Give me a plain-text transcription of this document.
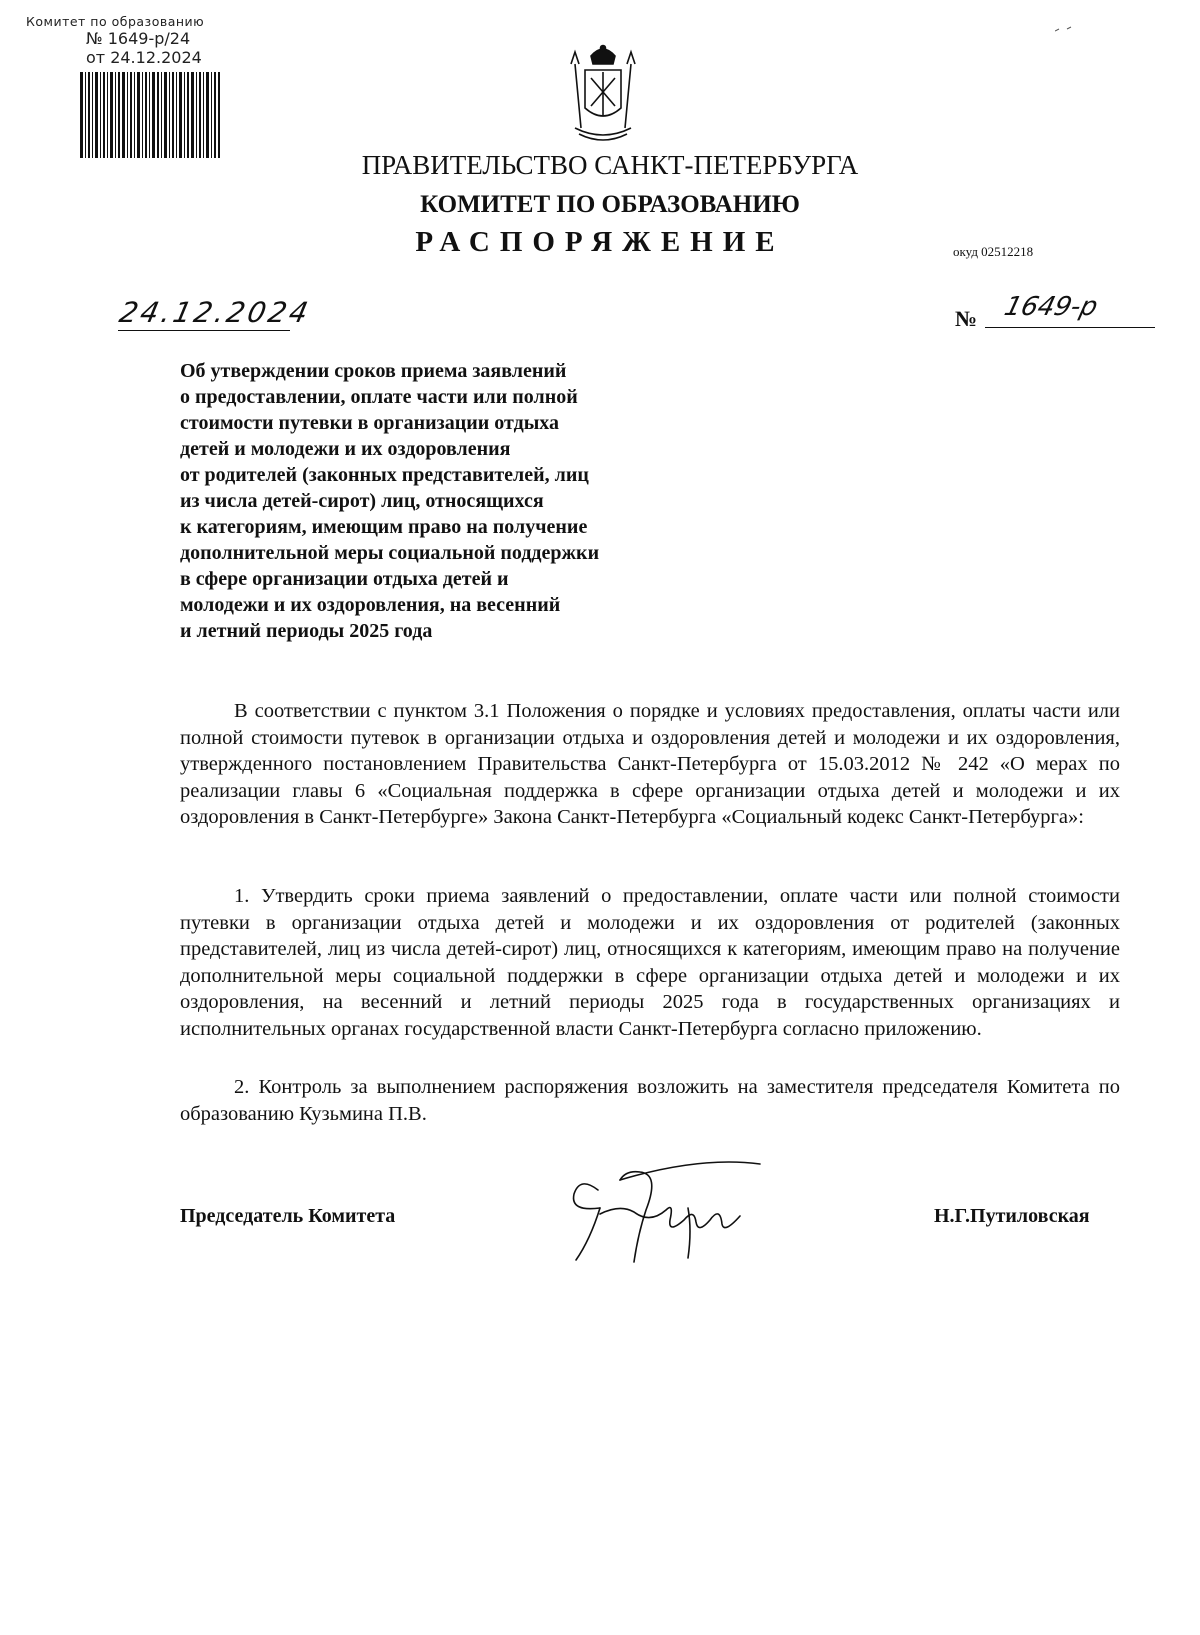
Комитет по образованию
№ 1649-р/24
от 24.12.2024
ПРАВИТЕЛЬСТВО САНКТ-ПЕТЕРБУРГА
КОМИТЕТ ПО ОБРАЗОВАНИЮ
РАСПОРЯЖЕНИЕ	окуд 02512218
24.12.2024	№ 1649-р
Об утверждении сроков приема заявлений
о предоставлении, оплате части или полной
стоимости путевки в организации отдыха
детей и молодежи и их оздоровления
от родителей (законных представителей, лиц
из числа детей-сирот) лиц, относящихся
к категориям, имеющим право на получение
дополнительной меры социальной поддержки
в сфере организации отдыха детей и
молодежи и их оздоровления, на весенний
и летний периоды 2025 года
В соответствии с пунктом 3.1 Положения о порядке и условиях предоставления, оплаты части или полной стоимости путевок в организации отдыха и оздоровления детей и молодежи и их оздоровления, утвержденного постановлением Правительства Санкт-Петербурга от 15.03.2012 № 242 «О мерах по реализации главы 6 «Социальная поддержка в сфере организации отдыха детей и молодежи и их оздоровления в Санкт-Петербурге» Закона Санкт-Петербурга «Социальный кодекс Санкт-Петербурга»:
1. Утвердить сроки приема заявлений о предоставлении, оплате части или полной стоимости путевки в организации отдыха детей и молодежи и их оздоровления от родителей (законных представителей, лиц из числа детей-сирот) лиц, относящихся к категориям, имеющим право на получение дополнительной меры социальной поддержки в сфере организации отдыха детей и молодежи и их оздоровления, на весенний и летний периоды 2025 года в государственных организациях и исполнительных органах государственной власти Санкт-Петербурга согласно приложению.
2. Контроль за выполнением распоряжения возложить на заместителя председателя Комитета по образованию Кузьмина П.В.
Председатель Комитета	Н.Г.Путиловская
